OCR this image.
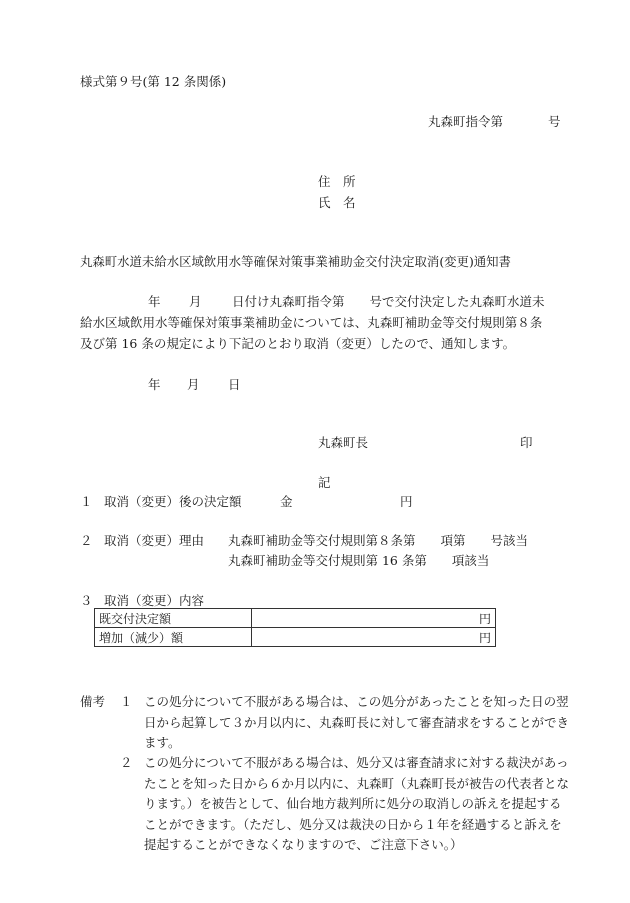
様式第９号(第 12 条関係)
丸森町指令第	号
住　所
氏　名
丸森町水道未給水区域飲用水等確保対策事業補助金交付決定取消(変更)通知書
年 月 日付け丸森町指令第　　号で交付決定した丸森町水道未
給水区域飲用水等確保対策事業補助金については、丸森町補助金等交付規則第８条
及び第 16 条の規定により下記のとおり取消（変更）したので、通知します。
年 月 日
丸森町長	印
記
１ 取消（変更）後の決定額	金	円
２ 取消（変更）理由 丸森町補助金等交付規則第８条第　　項第　　号該当
丸森町補助金等交付規則第 16 条第　　項該当
３ 取消（変更）内容
既交付決定額	円
増加（減少）額	円
備考 １ この処分について不服がある場合は、この処分があったことを知った日の翌日から起算して３か月以内に、丸森町長に対して審査請求をすることができます。
２ この処分について不服がある場合は、処分又は審査請求に対する裁決があったことを知った日から６か月以内に、丸森町（丸森町長が被告の代表者となります。）を被告として、仙台地方裁判所に処分の取消しの訴えを提起することができます。（ただし、処分又は裁決の日から１年を経過すると訴えを提起することができなくなりますので、ご注意下さい。）
